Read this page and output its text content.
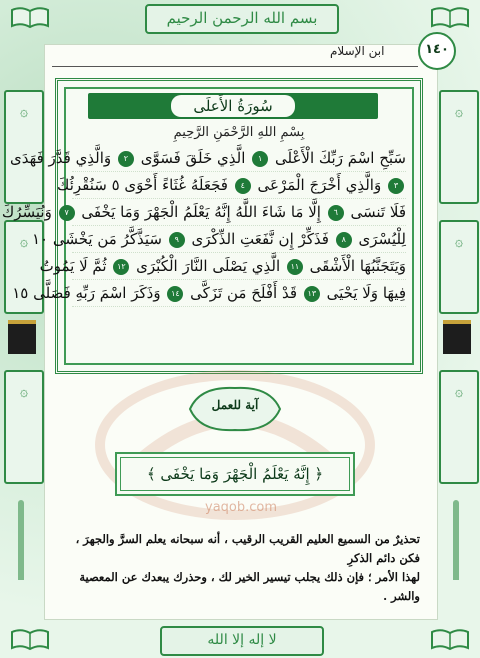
بسم الله الرحمن الرحيم
۞
۞
۞
۞
۞
۞
ابن الإسلام	١٤٠
سُورَةُ الأَعلَى
بِسْمِ اللهِ الرَّحْمَنِ الرَّحِيمِ
سَبِّحِ اسْمَ رَبِّكَ الْأَعْلَى ١ الَّذِي خَلَقَ فَسَوَّى ٢ وَالَّذِي قَدَّرَ فَهَدَى
٣ وَالَّذِي أَخْرَجَ الْمَرْعَى ٤ فَجَعَلَهُ غُثَاءً أَحْوَى ٥ سَنُقْرِئُكَ
فَلَا تَنسَى ٦ إِلَّا مَا شَاءَ اللَّهُ إِنَّهُ يَعْلَمُ الْجَهْرَ وَمَا يَخْفَى ٧ وَنُيَسِّرُكَ
لِلْيُسْرَى ٨ فَذَكِّرْ إِن نَّفَعَتِ الذِّكْرَى ٩ سَيَذَّكَّرُ مَن يَخْشَى ١٠
وَيَتَجَنَّبُهَا الْأَشْقَى ١١ الَّذِي يَصْلَى النَّارَ الْكُبْرَى ١٢ ثُمَّ لَا يَمُوتُ
فِيهَا وَلَا يَحْيَى ١٣ قَدْ أَفْلَحَ مَن تَزَكَّى ١٤ وَذَكَرَ اسْمَ رَبِّهِ فَصَلَّى ١٥
آية للعمل
﴿ إِنَّهُ يَعْلَمُ الْجَهْرَ وَمَا يَخْفَى ﴾
yaqob.com
تحذيرٌ من السميع العليم القريب الرقيب ، أنه سبحانه يعلم السرَّ والجهرَ ، فكن دائم الذكرِ
لهذا الأمر ؛ فإن ذلك يجلب تيسير الخير لك ، وحذرك يبعدك عن المعصية والشر .
لا إله إلا الله
